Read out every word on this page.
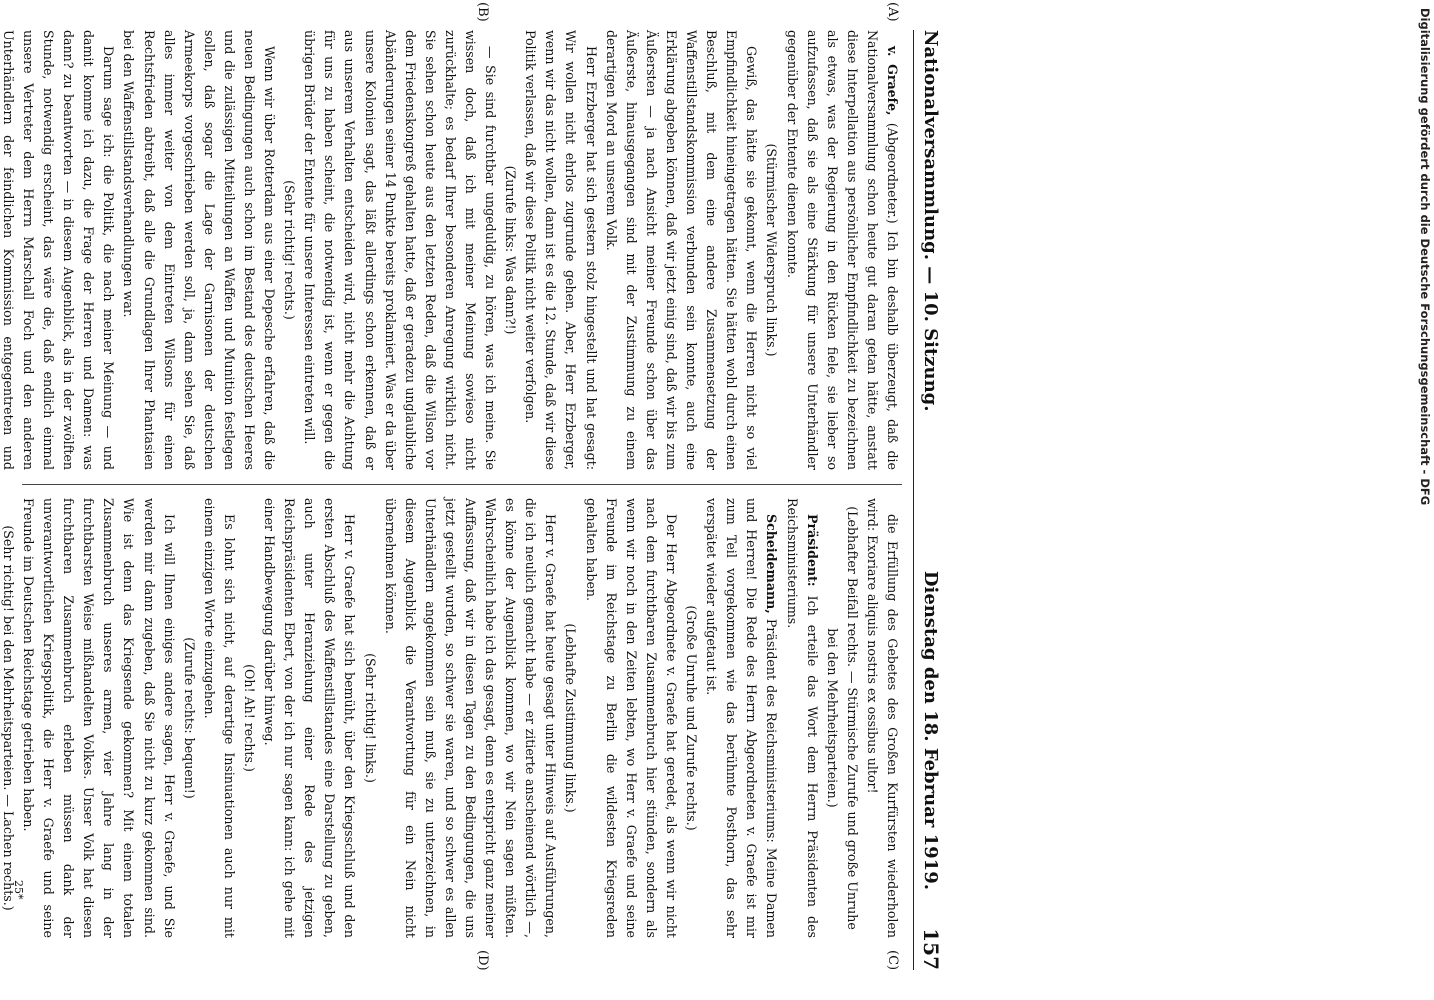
Nationalversammlung. — 10. Sitzung.
Dienstag den 18. Februar 1919.
157
(A)
(B)
(C)
(D)

v. Graefe, (Abgeordneter.) Ich bin deshalb überzeugt, daß die Nationalversammlung schon heute gut daran getan hätte, anstatt diese Interpellation aus persönlicher Empfindlichkeit zu bezeichnen als etwas, was der Regierung in den Rücken fiele, sie lieber so aufzufassen, daß sie als eine Stärkung für unsere Unterhändler gegenüber der Entente dienen konnte.

(Stürmischer Widerspruch links.)

Gewiß, das hätte sie gekonnt, wenn die Herren nicht so viel Empfindlichkeit hineingetragen hätten. Sie hätten wohl durch einen Beschluß, mit dem eine andere Zusammensetzung der Waffenstillstandskommission verbunden sein konnte, auch eine Erklärung abgeben können, daß wir jetzt einig sind, daß wir bis zum Äußersten — ja nach Ansicht meiner Freunde schon über das Äußerste, hinausgegangen sind mit der Zustimmung zu einem derartigen Mord an unserem Volk.

Herr Erzberger hat sich gestern stolz hingestellt und hat gesagt: Wir wollen nicht ehrlos zugrunde gehen. Aber, Herr Erzberger, wenn wir das nicht wollen, dann ist es die 12. Stunde, daß wir diese Politik verlassen, daß wir diese Politik nicht weiter verfolgen.

(Zurufe links: Was dann?!)

— Sie sind furchtbar ungeduldig, zu hören, was ich meine. Sie wissen doch, daß ich mit meiner Meinung sowieso nicht zurückhalte; es bedarf Ihrer besonderen Anregung wirklich nicht. Sie sehen schon heute aus den letzten Reden, daß die Wilson vor dem Friedenskongreß gehalten hatte, daß er geradezu unglaubliche Abänderungen seiner 14 Punkte bereits proklamiert. Was er da über unsere Kolonien sagt, das läßt allerdings schon erkennen, daß er aus unserem Verhalten entscheiden wird, nicht mehr die Achtung für uns zu haben scheint, die notwendig ist, wenn er gegen die übrigen Brüder der Entente für unsere Interessen eintreten will.

(Sehr richtig! rechts.)

Wenn wir über Rotterdam aus einer Depesche erfahren, daß die neuen Bedingungen auch schon im Bestand des deutschen Heeres und die zulässigen Mitteilungen an Waffen und Munition festlegen sollen, daß sogar die Lage der Garnisonen der deutschen Armeekorps vorgeschrieben werden soll, ja, dann sehen Sie, daß alles immer weiter von dem Eintreten Wilsons für einen Rechtsfrieden abtreibt, daß alle die Grundlagen Ihrer Phantasien bei den Waffenstillstandsverhandlungen war.

Darum sage ich: die Politik, die nach meiner Meinung — und damit komme ich dazu, die Frage der Herren und Damen: was dann? zu beantworten — in diesem Augenblick, als in der zwölften Stunde, notwendig erscheint, das wäre die, daß endlich einmal unsere Vertreter dem Herrn Marschall Foch und den anderen Unterhändlern der feindlichen Kommission entgegentreten und

die Erfüllung des Gebetes des Großen Kurfürsten wiederholen wird: Exoriare aliquis nostris ex ossibus ultor!

(Lebhafter Beifall rechts. — Stürmische Zurufe und große Unruhe bei den Mehrheitsparteien.)

Präsident: Ich erteile das Wort dem Herrn Präsidenten des Reichsministeriums.

Scheidemann, Präsident des Reichsministeriums: Meine Damen und Herren! Die Rede des Herrn Abgeordneten v. Graefe ist mir zum Teil vorgekommen wie das berühmte Posthorn, das sehr verspätet wieder aufgetaut ist.

(Große Unruhe und Zurufe rechts.)

Der Herr Abgeordnete v. Graefe hat geredet, als wenn wir nicht nach dem furchtbaren Zusammenbruch hier stünden, sondern als wenn wir noch in den Zeiten lebten, wo Herr v. Graefe und seine Freunde im Reichstage zu Berlin die wildesten Kriegsreden gehalten haben.

(Lebhafte Zustimmung links.)

Herr v. Graefe hat heute gesagt unter Hinweis auf Ausführungen, die ich neulich gemacht habe — er zitierte anscheinend wörtlich —, es könne der Augenblick kommen, wo wir Nein sagen müßten. Wahrscheinlich habe ich das gesagt, denn es entspricht ganz meiner Auffassung, daß wir in diesen Tagen zu den Bedingungen, die uns jetzt gestellt wurden, so schwer sie waren, und so schwer es allen Unterhändlern angekommen sein muß, sie zu unterzeichnen, in diesem Augenblick die Verantwortung für ein Nein nicht übernehmen können.

(Sehr richtig! links.)

Herr v. Graefe hat sich bemüht, über den Kriegsschluß und den ersten Abschluß des Waffenstillstandes eine Darstellung zu geben, auch unter Heranziehung einer Rede des jetzigen Reichspräsidenten Ebert, von der ich nur sagen kann: ich gehe mit einer Handbewegung darüber hinweg.

(Oh! Ah! rechts.)

Es lohnt sich nicht, auf derartige Insinuationen auch nur mit einem einzigen Worte einzugehen.

(Zurufe rechts: bequem!)

Ich will Ihnen einiges andere sagen, Herr v. Graefe, und Sie werden mir dann zugeben, daß Sie nicht zu kurz gekommen sind. Wie ist denn das Kriegsende gekommen? Mit einem totalen Zusammenbruch unseres armen, vier Jahre lang in der furchtbarsten Weise mißhandelten Volkes. Unser Volk hat diesen furchtbaren Zusammenbruch erleben müssen dank der unverantwortlichen Kriegspolitik, die Herr v. Graefe und seine Freunde im Deutschen Reichstage getrieben haben.

(Sehr richtig! bei den Mehrheitsparteien. — Lachen rechts.)

25*
Digitalisierung gefördert durch die Deutsche Forschungsgemeinschaft - DFG
